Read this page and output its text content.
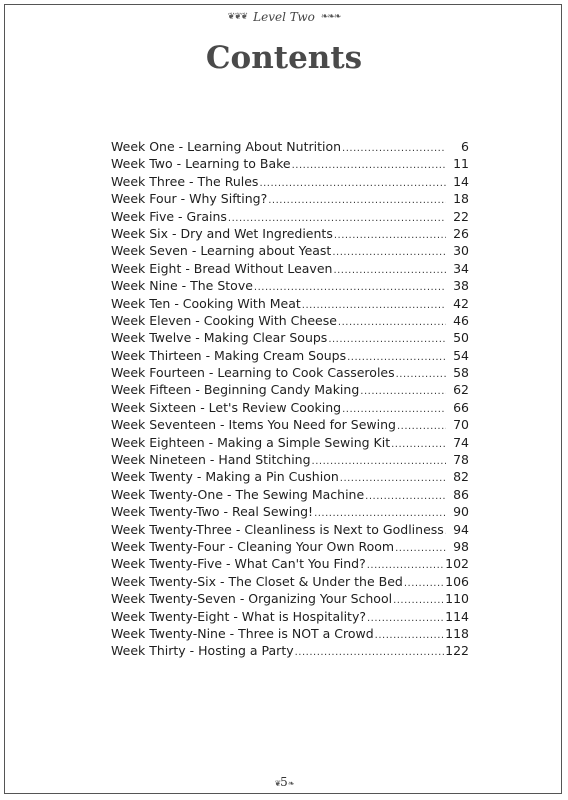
❦❦❦ Level Two ❧❧❧
Contents
Week One - Learning About Nutrition .....	6
Week Two - Learning to Bake .....	11
Week Three - The Rules .....	14
Week Four - Why Sifting? .....	18
Week Five - Grains .....	22
Week Six - Dry and Wet Ingredients .....	26
Week Seven - Learning about Yeast .....	30
Week Eight - Bread Without Leaven .....	34
Week Nine - The Stove .....	38
Week Ten - Cooking With Meat .....	42
Week Eleven - Cooking With Cheese .....	46
Week Twelve - Making Clear Soups .....	50
Week Thirteen - Making Cream Soups .....	54
Week Fourteen - Learning to Cook Casseroles .....	58
Week Fifteen - Beginning Candy Making .....	62
Week Sixteen - Let's Review Cooking .....	66
Week Seventeen - Items You Need for Sewing .....	70
Week Eighteen - Making a Simple Sewing Kit .....	74
Week Nineteen - Hand Stitching .....	78
Week Twenty - Making a Pin Cushion .....	82
Week Twenty-One - The Sewing Machine .....	86
Week Twenty-Two - Real Sewing! .....	90
Week Twenty-Three - Cleanliness is Next to Godliness ..... 94
Week Twenty-Four - Cleaning Your Own Room .....	98
Week Twenty-Five - What Can't You Find? .....	102
Week Twenty-Six - The Closet & Under the Bed .....	106
Week Twenty-Seven - Organizing Your School .....	110
Week Twenty-Eight - What is Hospitality? .....	114
Week Twenty-Nine - Three is NOT a Crowd .....	118
Week Thirty - Hosting a Party .....	122
❦5❧
